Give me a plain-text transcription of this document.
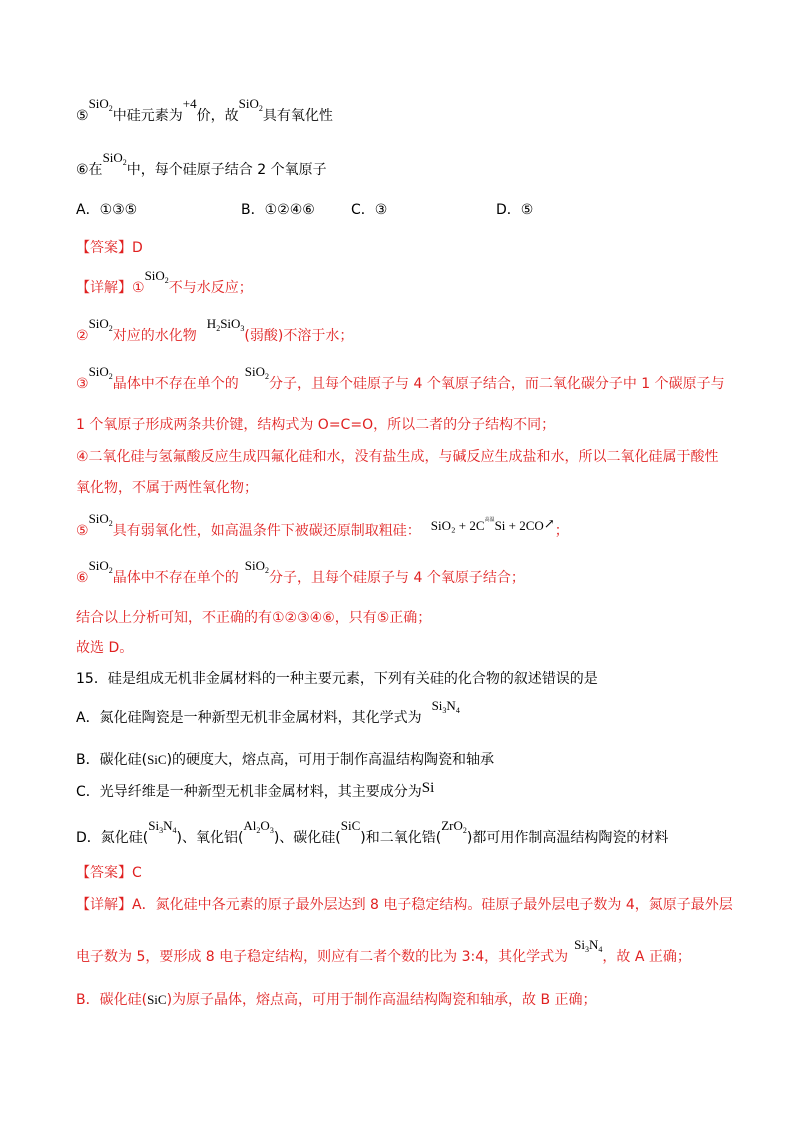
⑤SiO$_2$中硅元素为+4价，故SiO$_2$具有氧化性
⑥在SiO$_2$中，每个硅原子结合 2 个氧原子
A．①③⑤	B．①②④⑥	C．③	D．⑤
【答案】D
【详解】①SiO$_2$不与水反应；
②SiO$_2$对应的水化物$H_2SiO_3$(弱酸)不溶于水；
③SiO$_2$晶体中不存在单个的SiO$_2$分子，且每个硅原子与 4 个氧原子结合，而二氧化碳分子中 1 个碳原子与
1 个氧原子形成两条共价键，结构式为 O=C=O，所以二者的分子结构不同；
④二氧化硅与氢氟酸反应生成四氟化硅和水，没有盐生成，与碱反应生成盐和水，所以二氧化硅属于酸性
氧化物，不属于两性氧化物；
⑤SiO$_2$具有弱氧化性，如高温条件下被碳还原制取粗硅： $SiO_2 + 2C^{高温}Si$ + 2CO↗；
⑥SiO$_2$晶体中不存在单个的SiO$_2$分子，且每个硅原子与 4 个氧原子结合；
结合以上分析可知，不正确的有①②③④⑥，只有⑤正确；
故选 D。
15．硅是组成无机非金属材料的一种主要元素，下列有关硅的化合物的叙述错误的是
A．氮化硅陶瓷是一种新型无机非金属材料，其化学式为$Si_3N_4$
B．碳化硅(SiC)的硬度大，熔点高，可用于制作高温结构陶瓷和轴承
C．光导纤维是一种新型无机非金属材料，其主要成分为Si
D．氮化硅$(Si_3N_4)$、氧化铝$(Al_2O_3)$、碳化硅(SiC)和二氧化锆(ZrO$_2$)都可用作制高温结构陶瓷的材料
【答案】C
【详解】A．氮化硅中各元素的原子最外层达到 8 电子稳定结构。硅原子最外层电子数为 4，氮原子最外层
电子数为 5，要形成 8 电子稳定结构，则应有二者个数的比为 3:4，其化学式为$Si_3N_4$，故 A 正确；
B．碳化硅(SiC)为原子晶体，熔点高，可用于制作高温结构陶瓷和轴承，故 B 正确；
